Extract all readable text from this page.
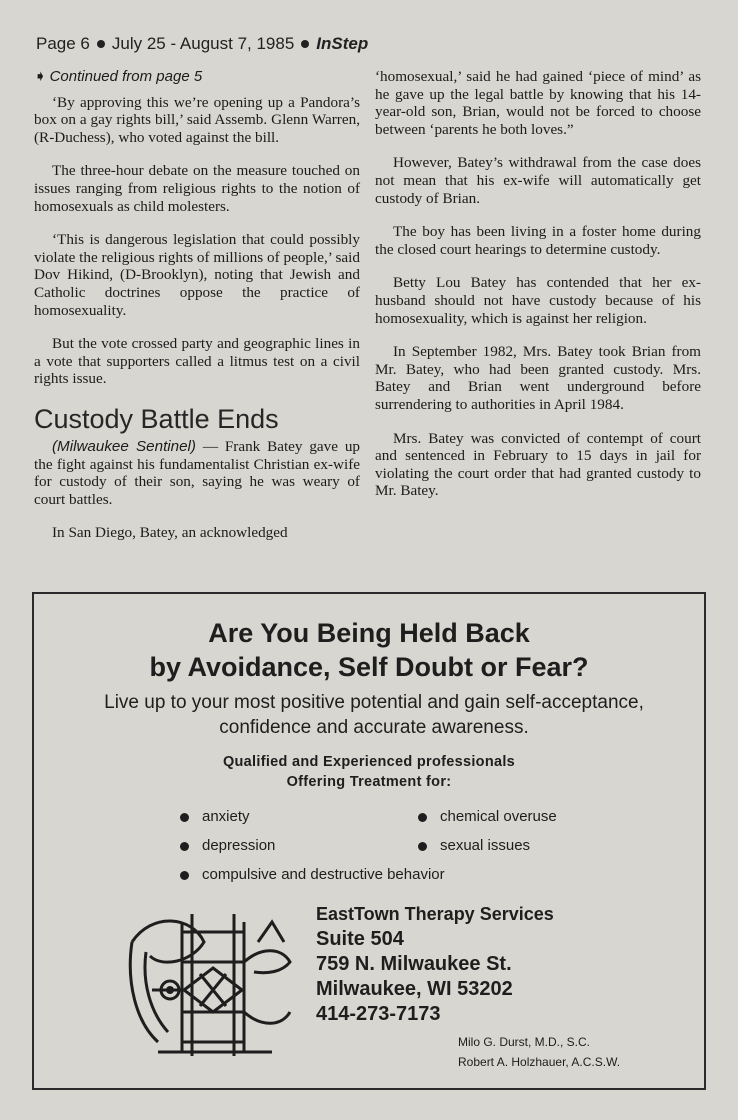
Page 6 July 25 - August 7, 1985 InStep
➧ Continued from page 5

‘By approving this we’re opening up a Pandora’s box on a gay rights bill,’ said Assemb. Glenn Warren, (R-Duchess), who voted against the bill.

The three-hour debate on the measure touched on issues ranging from religious rights to the notion of homosexuals as child molesters.

‘This is dangerous legislation that could possibly violate the religious rights of millions of people,’ said Dov Hikind, (D-Brooklyn), noting that Jewish and Catholic doctrines oppose the practice of homosexuality.

But the vote crossed party and geographic lines in a vote that supporters called a litmus test on a civil rights issue.

Custody Battle Ends

(Milwaukee Sentinel) — Frank Batey gave up the fight against his fundamentalist Christian ex-wife for custody of their son, saying he was weary of court battles.

In San Diego, Batey, an acknowledged

‘homosexual,’ said he had gained ‘piece of mind’ as he gave up the legal battle by knowing that his 14-year-old son, Brian, would not be forced to choose between ‘parents he both loves.”

However, Batey’s withdrawal from the case does not mean that his ex-wife will automatically get custody of Brian.

The boy has been living in a foster home during the closed court hearings to determine custody.

Betty Lou Batey has contended that her ex-husband should not have custody because of his homosexuality, which is against her religion.

In September 1982, Mrs. Batey took Brian from Mr. Batey, who had been granted custody. Mrs. Batey and Brian went underground before surrendering to authorities in April 1984.

Mrs. Batey was convicted of contempt of court and sentenced in February to 15 days in jail for violating the court order that had granted custody to Mr. Batey.

Are You Being Held Back
by Avoidance, Self Doubt or Fear?
Live up to your most positive potential and gain self-acceptance, confidence and accurate awareness.
Qualified and Experienced professionals
Offering Treatment for:
anxiety	chemical overuse
depression	sexual issues
compulsive and destructive behavior
EastTown Therapy Services
Suite 504
759 N. Milwaukee St.
Milwaukee, WI 53202
414-273-7173
Milo G. Durst, M.D., S.C.
Robert A. Holzhauer, A.C.S.W.
